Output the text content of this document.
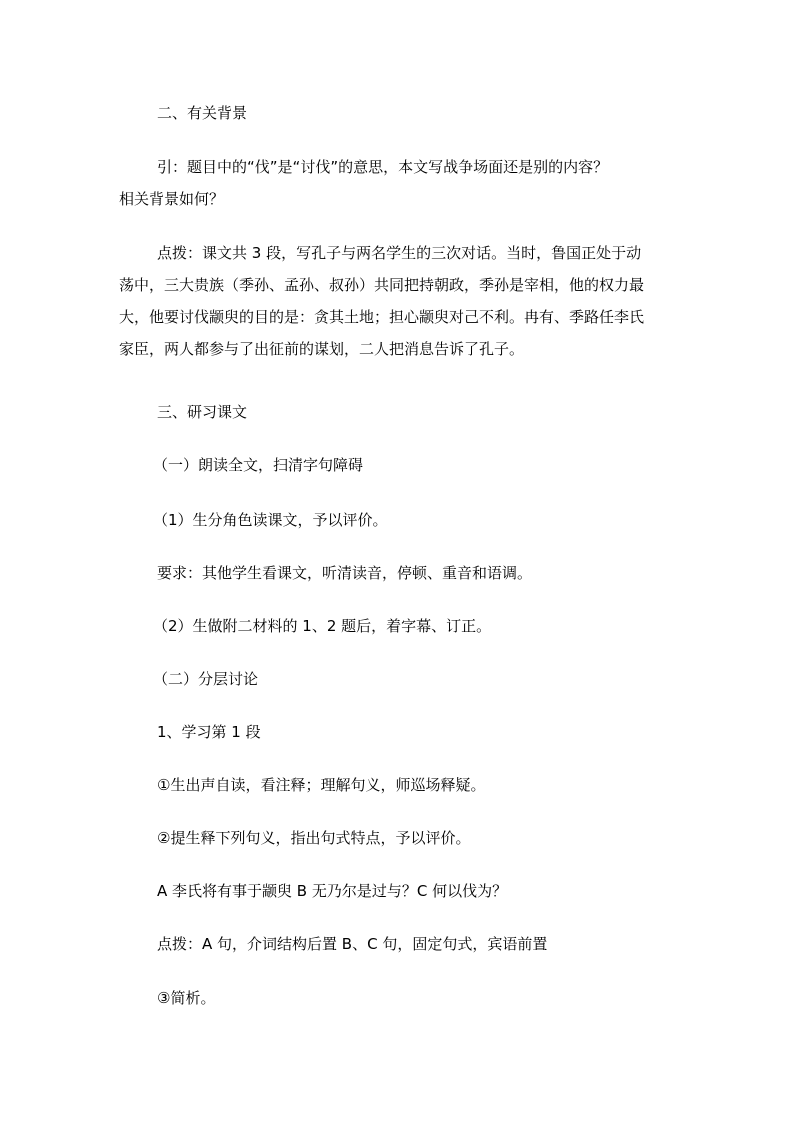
二、有关背景

引：题目中的“伐”是“讨伐”的意思，本文写战争场面还是别的内容？
相关背景如何？
点拨：课文共 3 段，写孔子与两名学生的三次对话。当时，鲁国正处于动
荡中，三大贵族（季孙、孟孙、叔孙）共同把持朝政，季孙是宰相，他的权力最
大，他要讨伐颛臾的目的是：贪其土地；担心颛臾对己不利。冉有、季路任李氏
家臣，两人都参与了出征前的谋划，二人把消息告诉了孔子。

三、研习课文

（一）朗读全文，扫清字句障碍

（1）生分角色读课文，予以评价。

要求：其他学生看课文，听清读音，停顿、重音和语调。

（2）生做附二材料的 1、2 题后，着字幕、订正。

（二）分层讨论

1、学习第 1 段

①生出声自读，看注释；理解句义，师巡场释疑。

②提生释下列句义，指出句式特点，予以评价。

A 李氏将有事于颛臾 B 无乃尔是过与？C 何以伐为？

点拨：A 句，介词结构后置 B、C 句，固定句式，宾语前置

③简析。
